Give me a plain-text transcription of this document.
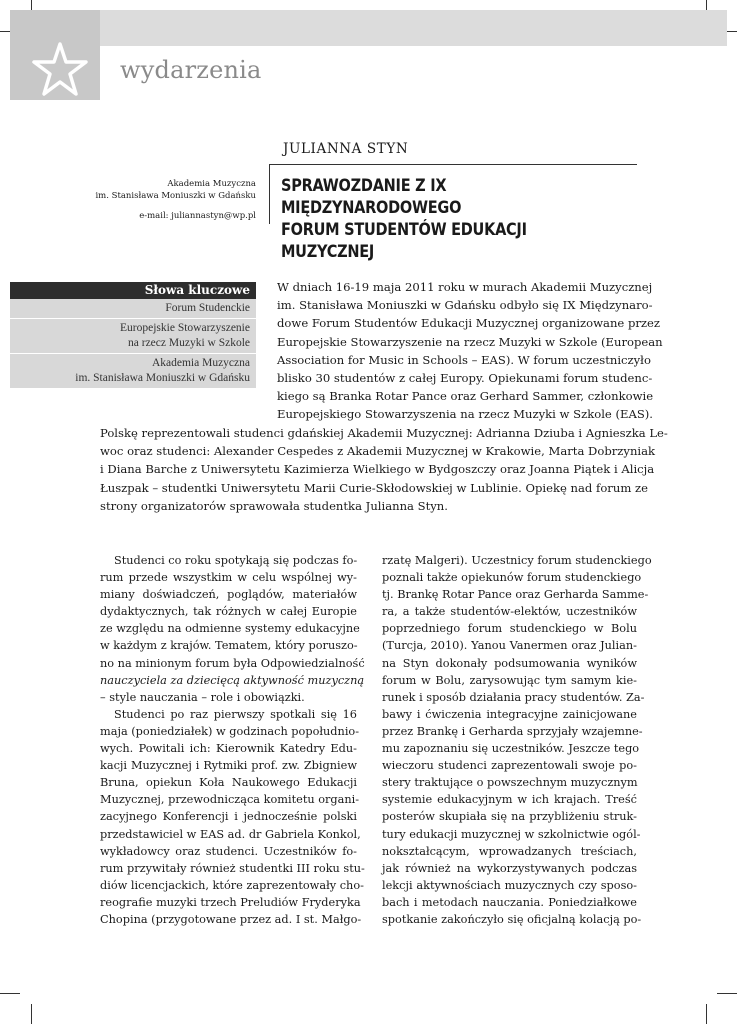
wydarzenia
JULIANNA STYN
SPRAWOZDANIE Z IX MIĘDZYNARODOWEGO
FORUM STUDENTÓW EDUKACJI MUZYCZNEJ
Akademia Muzyczna
im. Stanisława Moniuszki w Gdańsku
e-mail: juliannastyn@wp.pl
Słowa kluczowe
Forum Studenckie
Europejskie Stowarzyszenie
na rzecz Muzyki w Szkole
Akademia Muzyczna
im. Stanisława Moniuszki w Gdańsku
W dniach 16-19 maja 2011 roku w murach Akademii Muzycznej
im. Stanisława Moniuszki w Gdańsku odbyło się IX Międzynaro-
dowe Forum Studentów Edukacji Muzycznej organizowane przez
Europejskie Stowarzyszenie na rzecz Muzyki w Szkole (European
Association for Music in Schools – EAS). W forum uczestniczyło
blisko 30 studentów z całej Europy. Opiekunami forum studenc-
kiego są Branka Rotar Pance oraz Gerhard Sammer, członkowie
Europejskiego Stowarzyszenia na rzecz Muzyki w Szkole (EAS).
Polskę reprezentowali studenci gdańskiej Akademii Muzycznej: Adrianna Dziuba i Agnieszka Le-
woc oraz studenci: Alexander Cespedes z Akademii Muzycznej w Krakowie, Marta Dobrzyniak
i Diana Barche z Uniwersytetu Kazimierza Wielkiego w Bydgoszczy oraz Joanna Piątek i Alicja
Łuszpak – studentki Uniwersytetu Marii Curie-Skłodowskiej w Lublinie. Opiekę nad forum ze
strony organizatorów sprawowała studentka Julianna Styn.
Studenci co roku spotykają się podczas fo-
rum przede wszystkim w celu wspólnej wy-
miany doświadczeń, poglądów, materiałów
dydaktycznych, tak różnych w całej Europie
ze względu na odmienne systemy edukacyjne
w każdym z krajów. Tematem, który poruszo-
no na minionym forum była Odpowiedzialność
nauczyciela za dziecięcą aktywność muzyczną
– style nauczania – role i obowiązki.
Studenci po raz pierwszy spotkali się 16
maja (poniedziałek) w godzinach popołudnio-
wych. Powitali ich: Kierownik Katedry Edu-
kacji Muzycznej i Rytmiki prof. zw. Zbigniew
Bruna, opiekun Koła Naukowego Edukacji
Muzycznej, przewodnicząca komitetu organi-
zacyjnego Konferencji i jednocześnie polski
przedstawiciel w EAS ad. dr Gabriela Konkol,
wykładowcy oraz studenci. Uczestników fo-
rum przywitały również studentki III roku stu-
diów licencjackich, które zaprezentowały cho-
reografie muzyki trzech Preludiów Fryderyka
Chopina (przygotowane przez ad. I st. Małgo-
rzatę Malgeri). Uczestnicy forum studenckiego
poznali także opiekunów forum studenckiego
tj. Brankę Rotar Pance oraz Gerharda Samme-
ra, a także studentów-elektów, uczestników
poprzedniego forum studenckiego w Bolu
(Turcja, 2010). Yanou Vanermen oraz Julian-
na Styn dokonały podsumowania wyników
forum w Bolu, zarysowując tym samym kie-
runek i sposób działania pracy studentów. Za-
bawy i ćwiczenia integracyjne zainicjowane
przez Brankę i Gerharda sprzyjały wzajemne-
mu zapoznaniu się uczestników. Jeszcze tego
wieczoru studenci zaprezentowali swoje po-
stery traktujące o powszechnym muzycznym
systemie edukacyjnym w ich krajach. Treść
posterów skupiała się na przybliżeniu struk-
tury edukacji muzycznej w szkolnictwie ogól-
nokształcącym, wprowadzanych treściach,
jak również na wykorzystywanych podczas
lekcji aktywnościach muzycznych czy sposo-
bach i metodach nauczania. Poniedziałkowe
spotkanie zakończyło się oficjalną kolacją po-
